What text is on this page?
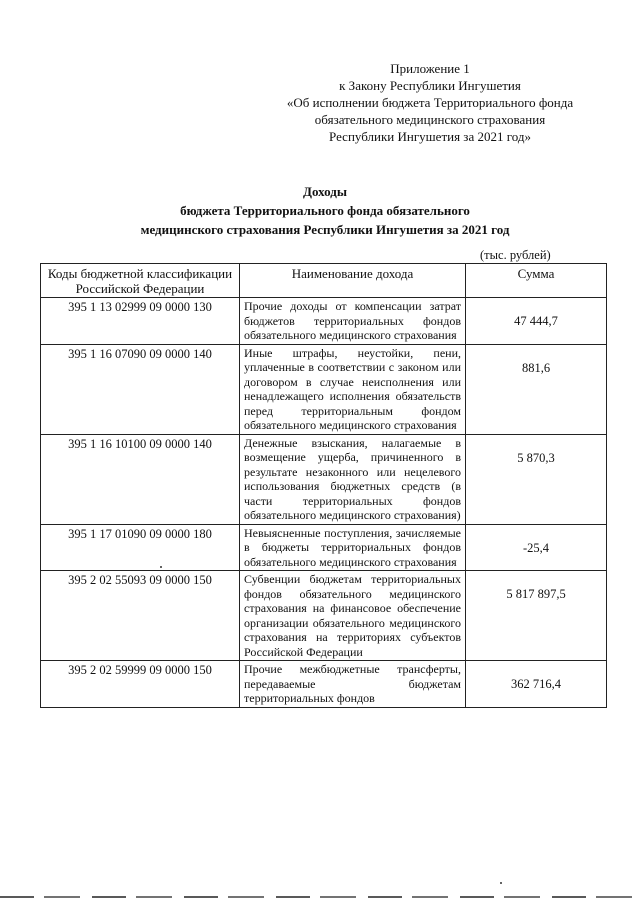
Приложение 1
к Закону Республики Ингушетия
«Об исполнении бюджета Территориального фонда
обязательного медицинского страхования
Республики Ингушетия за 2021 год»
Доходы
бюджета Территориального фонда обязательного
медицинского страхования Республики Ингушетия за 2021 год
(тыс. рублей)
Коды бюджетной классификации Российской Федерации	Наименование дохода	Сумма
395 1 13 02999 09 0000 130	Прочие доходы от компенсации затрат бюджетов территориальных фондов обязательного медицинского страхования	47 444,7
395 1 16 07090 09 0000 140	Иные штрафы, неустойки, пени, уплаченные в соответствии с законом или договором в случае неисполнения или ненадлежащего исполнения обязательств перед территориальным фондом обязательного медицинского страхования	881,6
395 1 16 10100 09 0000 140	Денежные взыскания, налагаемые в возмещение ущерба, причиненного в результате незаконного или нецелевого использования бюджетных средств (в части территориальных фондов обязательного медицинского страхования)	5 870,3
395 1 17 01090 09 0000 180	Невыясненные поступления, зачисляемые в бюджеты территориальных фондов обязательного медицинского страхования	-25,4
395 2 02 55093 09 0000 150	Субвенции бюджетам территориальных фондов обязательного медицинского страхования на финансовое обеспечение организации обязательного медицинского страхования на территориях субъектов Российской Федерации	5 817 897,5
395 2 02 59999 09 0000 150	Прочие межбюджетные трансферты, передаваемые бюджетам территориальных фондов	362 716,4
